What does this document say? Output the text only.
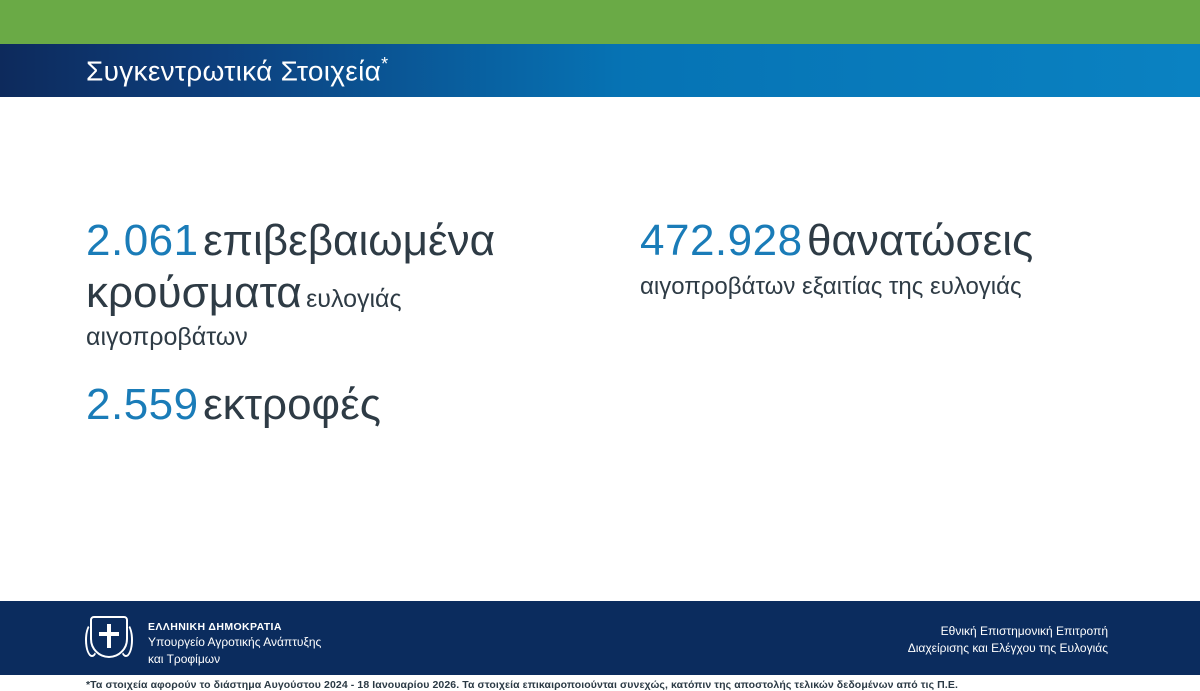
Συγκεντρωτικά Στοιχεία*
2.061 επιβεβαιωμένα
κρούσματα ευλογιάς
αιγοπροβάτων
2.559 εκτροφές
472.928 θανατώσεις
αιγοπροβάτων εξαιτίας της ευλογιάς
*Τα στοιχεία αφορούν το διάστημα Αυγούστου 2024 - 18 Ιανουαρίου 2026. Τα στοιχεία επικαιροποιούνται συνεχώς, κατόπιν της αποστολής τελικών δεδομένων από τις Π.Ε.
ΕΛΛΗΝΙΚΗ ΔΗΜΟΚΡΑΤΙΑ
Υπουργείο Αγροτικής Ανάπτυξης
και Τροφίμων
Εθνική Επιστημονική Επιτροπή
Διαχείρισης και Ελέγχου της Ευλογιάς
